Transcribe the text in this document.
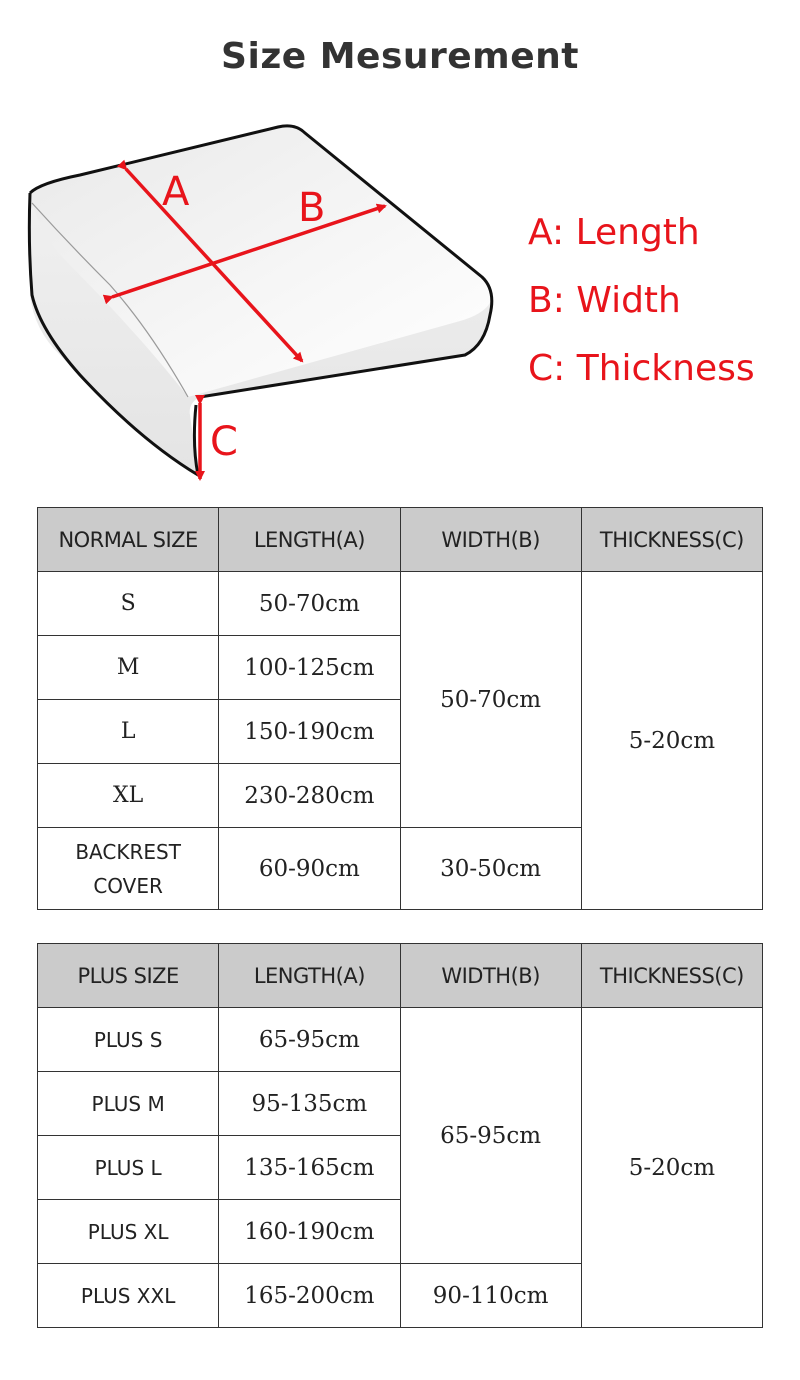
Size Mesurement
A	B
C
A: Length
B: Width
C: Thickness
NORMAL SIZE	LENGTH(A)	WIDTH(B)	THICKNESS(C)
S	50-70cm	50-70cm	5-20cm
M	100-125cm		
L	150-190cm		
XL	230-280cm		
BACKREST
COVER	60-90cm	30-50cm	
PLUS SIZE	LENGTH(A)	WIDTH(B)	THICKNESS(C)
PLUS S	65-95cm	65-95cm	5-20cm
PLUS M	95-135cm		
PLUS L	135-165cm		
PLUS XL	160-190cm		
PLUS XXL	165-200cm	90-110cm	
